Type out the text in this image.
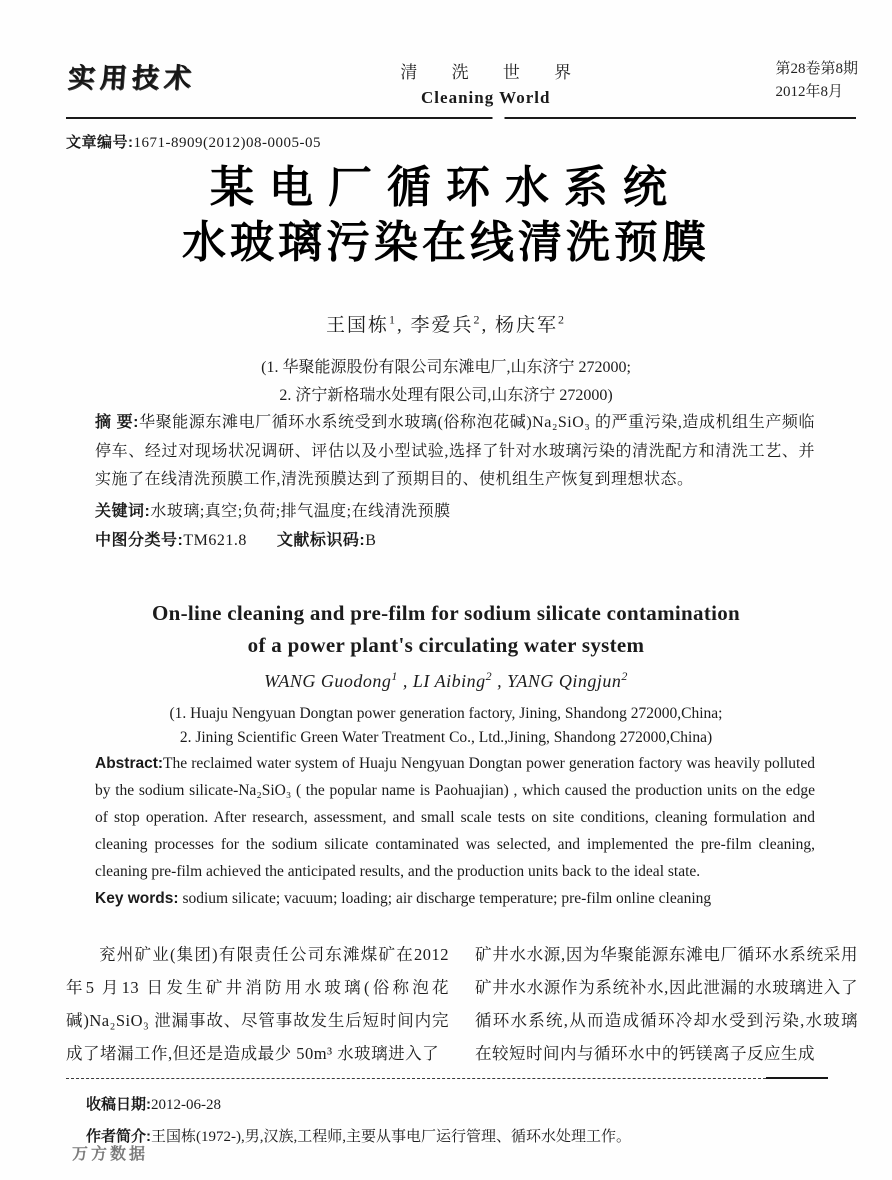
实用技术	清 洗 世 界
Cleaning World
第28卷第8期
2012年8月
文章编号:1671-8909(2012)08-0005-05
某电厂循环水系统
水玻璃污染在线清洗预膜
王国栋$^1$, 李爱兵$^2$, 杨庆军$^2$
(1. 华聚能源股份有限公司东滩电厂,山东济宁 272000;
2. 济宁新格瑞水处理有限公司,山东济宁 272000)

摘 要:华聚能源东滩电厂循环水系统受到水玻璃(俗称泡花碱)Na₂SiO₃ 的严重污染,造成机组生产频临停车、经过对现场状况调研、评估以及小型试验,选择了针对水玻璃污染的清洗配方和清洗工艺、并实施了在线清洗预膜工作,清洗预膜达到了预期目的、使机组生产恢复到理想状态。

关键词:水玻璃;真空;负荷;排气温度;在线清洗预膜

中图分类号:TM621.8 文献标识码:B

On-line cleaning and pre-film for sodium silicate contamination
of a power plant's circulating water system
WANG Guodong$^1$ , LI Aibing$^2$ , YANG Qingjun$^2$
(1. Huaju Nengyuan Dongtan power generation factory, Jining, Shandong 272000,China;
2. Jining Scientific Green Water Treatment Co., Ltd.,Jining, Shandong 272000,China)

Abstract:The reclaimed water system of Huaju Nengyuan Dongtan power generation factory was heavily polluted by the sodium silicate-Na₂SiO₃ ( the popular name is Paohuajian) , which caused the production units on the edge of stop operation. After research, assessment, and small scale tests on site conditions, cleaning formulation and cleaning processes for the sodium silicate contaminated was selected, and implemented the pre-film cleaning, cleaning pre-film achieved the anticipated results, and the production units back to the ideal state.

Key words: sodium silicate; vacuum; loading; air discharge temperature; pre-film online cleaning

兖州矿业(集团)有限责任公司东滩煤矿在2012 年5 月13 日发生矿井消防用水玻璃(俗称泡花碱)Na₂SiO₃ 泄漏事故、尽管事故发生后短时间内完成了堵漏工作,但还是造成最少 50m³ 水玻璃进入了

矿井水水源,因为华聚能源东滩电厂循环水系统采用矿井水水源作为系统补水,因此泄漏的水玻璃进入了循环水系统,从而造成循环冷却水受到污染,水玻璃在较短时间内与循环水中的钙镁离子反应生成

收稿日期:2012-06-28

作者简介:王国栋(1972-),男,汉族,工程师,主要从事电厂运行管理、循环水处理工作。

万方数据
